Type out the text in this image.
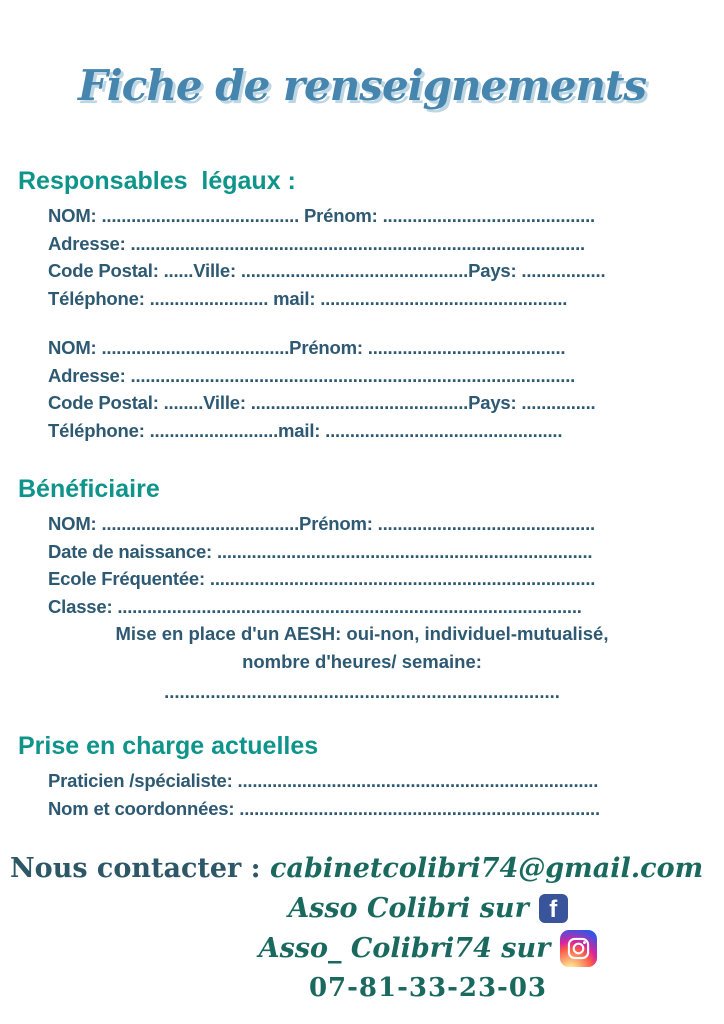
Fiche de renseignements
Responsables  légaux :
NOM: ........................................ Prénom: ...........................................
Adresse: ............................................................................................
Code Postal: ......Ville: ..............................................Pays: .................
Téléphone: ........................ mail: ..................................................
NOM: ......................................Prénom: ........................................
Adresse: ..........................................................................................
Code Postal: ........Ville: ............................................Pays: ...............
Téléphone: ..........................mail: ................................................
Bénéficiaire
NOM: ........................................Prénom: ............................................
Date de naissance: ............................................................................
Ecole Fréquentée: ..............................................................................
Classe: ..............................................................................................
Mise en place d'un AESH: oui-non, individuel-mutualisé,
nombre d'heures/ semaine:
.............................................................................
Prise en charge actuelles
Praticien /spécialiste: .........................................................................
Nom et coordonnées: .........................................................................
Nous contacter : cabinetcolibri74@gmail.com
Asso Colibri sur f
Asso_ Colibri74 sur
07-81-33-23-03
